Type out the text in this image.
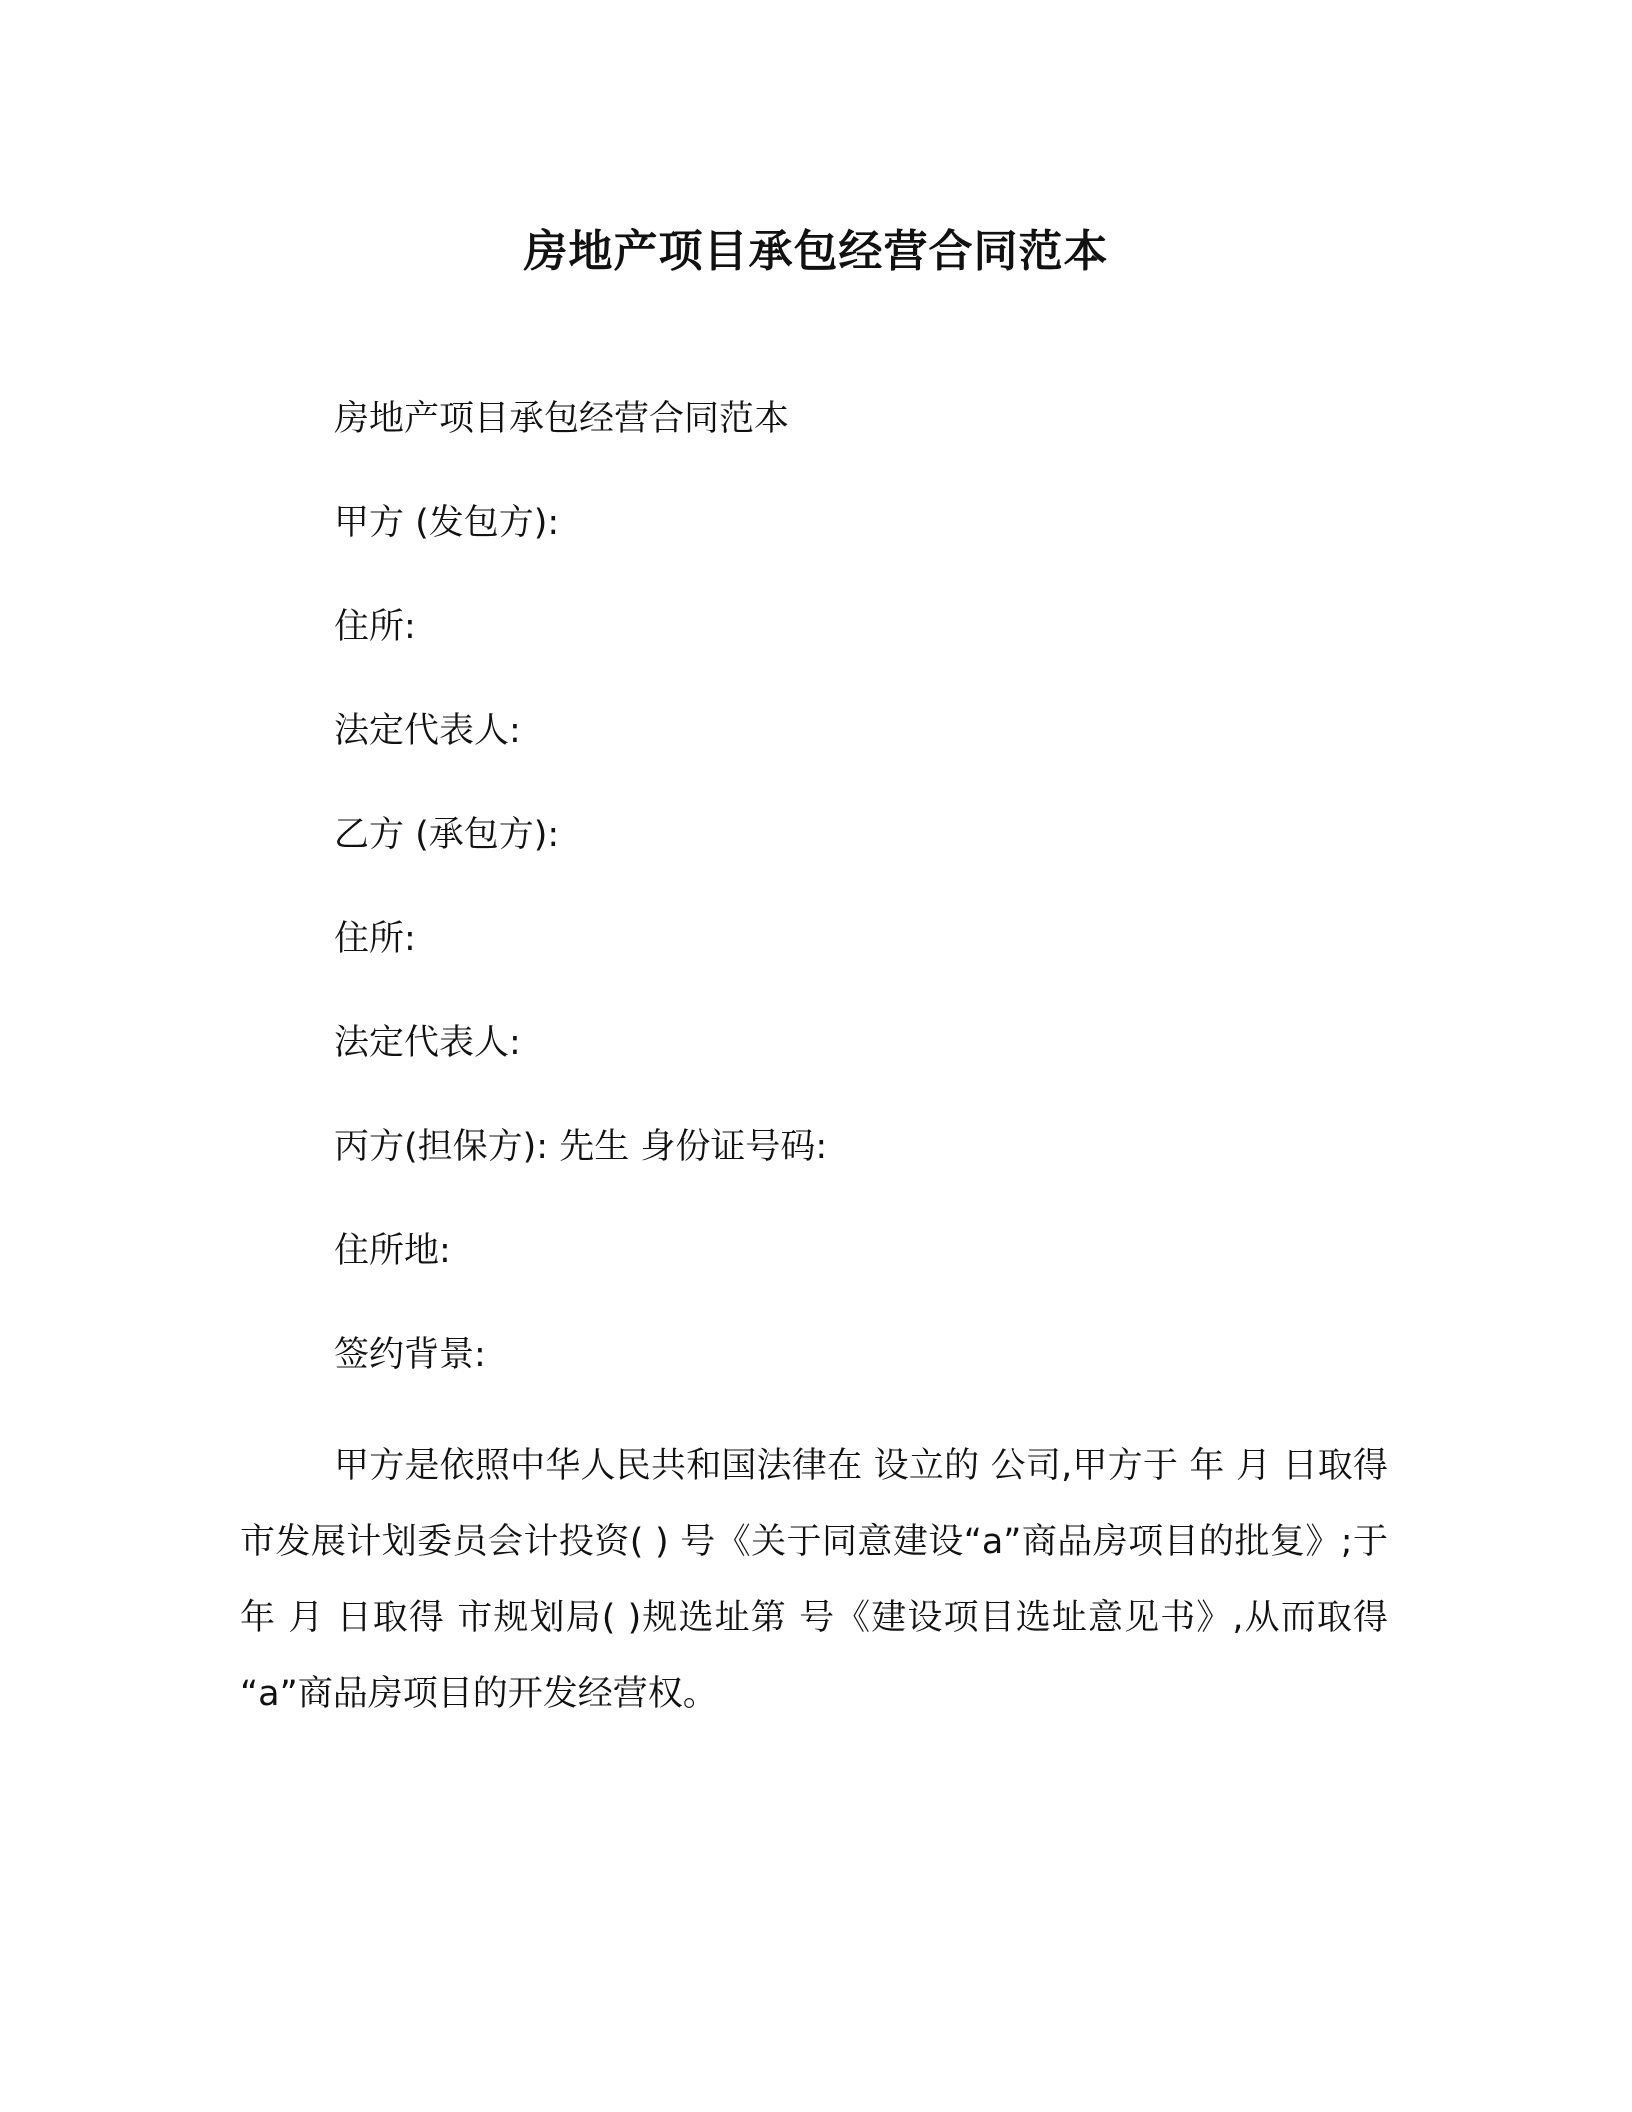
房地产项目承包经营合同范本
房地产项目承包经营合同范本
甲方 (发包方):
住所:
法定代表人:
乙方 (承包方):
住所:
法定代表人:
丙方(担保方): 先生 身份证号码:
住所地:
签约背景:

甲方是依照中华人民共和国法律在 设立的 公司,甲方于 年 月 日取得 市发展计划委员会计投资( ) 号《关于同意建设“a”商品房项目的批复》;于 年 月 日取得 市规划局( )规选址第 号《建设项目选址意见书》,从而取得 “a”商品房项目的开发经营权。
